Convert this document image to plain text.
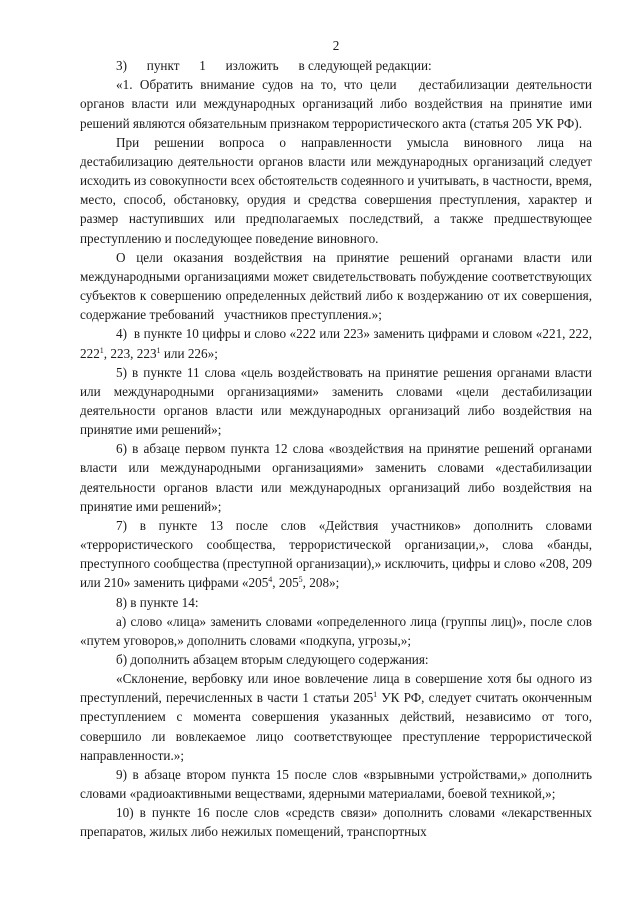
2

3)      пункт      1      изложить      в следующей редакции:

«1. Обратить внимание судов на то, что цели   дестабилизации деятельности органов власти или международных организаций либо воздействия на принятие ими решений являются обязательным признаком террористического акта (статья 205 УК РФ).

При решении вопроса о направленности умысла виновного лица на дестабилизацию деятельности органов власти или международных организаций следует исходить из совокупности всех обстоятельств содеянного и учитывать, в частности, время, место, способ, обстановку, орудия и средства совершения преступления, характер и размер наступивших или предполагаемых последствий, а также предшествующее преступлению и последующее поведение виновного.

О цели оказания воздействия на принятие решений органами власти или международными организациями может свидетельствовать побуждение соответствующих субъектов к совершению определенных действий либо к воздержанию от их совершения, содержание требований   участников преступления.»;

4)  в пункте 10 цифры и слово «222 или 223» заменить цифрами и словом «221, 222, $222^1$, 223, $223^1$ или 226»;

5) в пункте 11 слова «цель воздействовать на принятие решения органами власти или международными организациями» заменить словами «цели дестабилизации деятельности органов власти или международных организаций либо воздействия на принятие ими решений»;

6) в абзаце первом пункта 12 слова «воздействия на принятие решений органами власти или международными организациями» заменить словами «дестабилизации деятельности органов власти или международных организаций либо воздействия на принятие ими решений»;

7) в пункте 13 после слов «Действия участников» дополнить словами «террористического сообщества, террористической организации,», слова «банды, преступного сообщества (преступной организации),» исключить, цифры и слово «208, 209 или 210» заменить цифрами «$205^4$, $205^5$, 208»;

8) в пункте 14:

а) слово «лица» заменить словами «определенного лица (группы лиц)», после слов «путем уговоров,» дополнить словами «подкупа, угрозы,»;

б) дополнить абзацем вторым следующего содержания:

«Склонение, вербовку или иное вовлечение лица в совершение хотя бы одного из преступлений, перечисленных в части 1 статьи $205^1$ УК РФ, следует считать оконченным преступлением с момента совершения указанных действий, независимо от того, совершило ли вовлекаемое лицо соответствующее преступление террористической направленности.»;

9) в абзаце втором пункта 15 после слов «взрывными устройствами,» дополнить словами «радиоактивными веществами, ядерными материалами, боевой техникой,»;

10) в пункте 16 после слов «средств связи» дополнить словами «лекарственных препаратов, жилых либо нежилых помещений, транспортных
